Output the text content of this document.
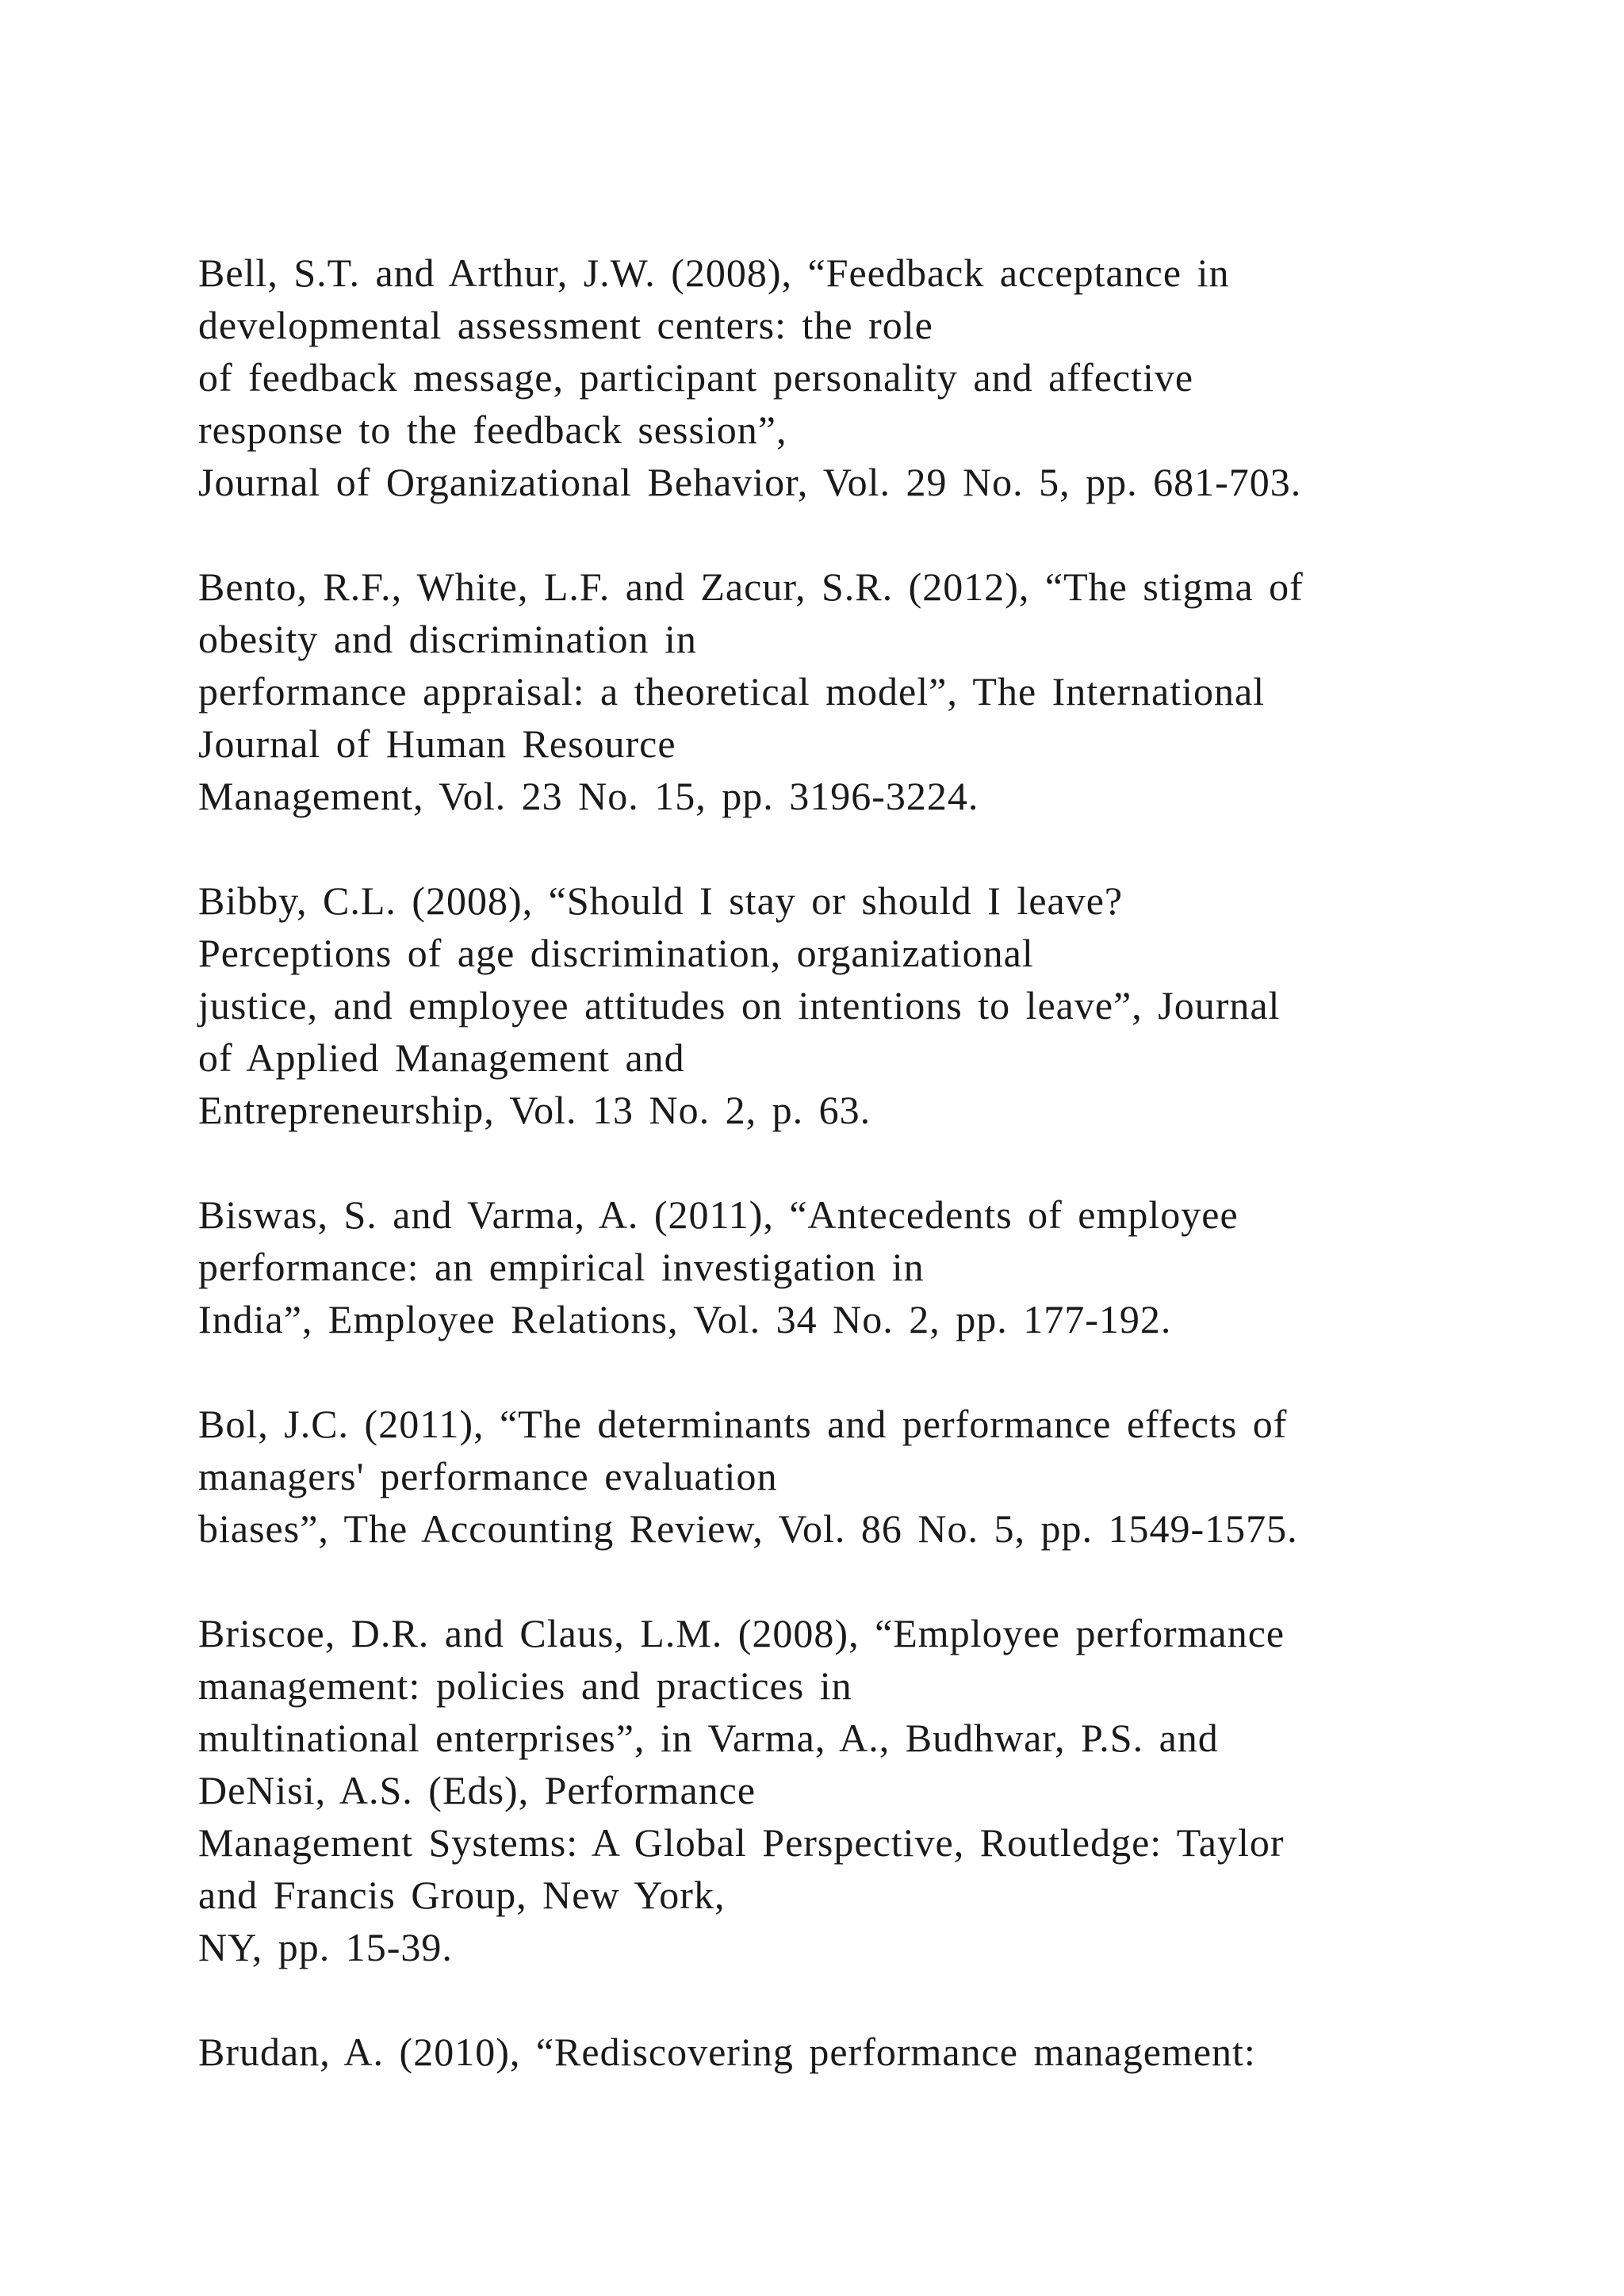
Bell, S.T. and Arthur, J.W. (2008), “Feedback acceptance in
developmental assessment centers: the role
of feedback message, participant personality and affective
response to the feedback session”,
Journal of Organizational Behavior, Vol. 29 No. 5, pp. 681-703.
Bento, R.F., White, L.F. and Zacur, S.R. (2012), “The stigma of
obesity and discrimination in
performance appraisal: a theoretical model”, The International
Journal of Human Resource
Management, Vol. 23 No. 15, pp. 3196-3224.
Bibby, C.L. (2008), “Should I stay or should I leave?
Perceptions of age discrimination, organizational
justice, and employee attitudes on intentions to leave”, Journal
of Applied Management and
Entrepreneurship, Vol. 13 No. 2, p. 63.
Biswas, S. and Varma, A. (2011), “Antecedents of employee
performance: an empirical investigation in
India”, Employee Relations, Vol. 34 No. 2, pp. 177-192.
Bol, J.C. (2011), “The determinants and performance effects of
managers' performance evaluation
biases”, The Accounting Review, Vol. 86 No. 5, pp. 1549-1575.
Briscoe, D.R. and Claus, L.M. (2008), “Employee performance
management: policies and practices in
multinational enterprises”, in Varma, A., Budhwar, P.S. and
DeNisi, A.S. (Eds), Performance
Management Systems: A Global Perspective, Routledge: Taylor
and Francis Group, New York,
NY, pp. 15-39.
Brudan, A. (2010), “Rediscovering performance management:
